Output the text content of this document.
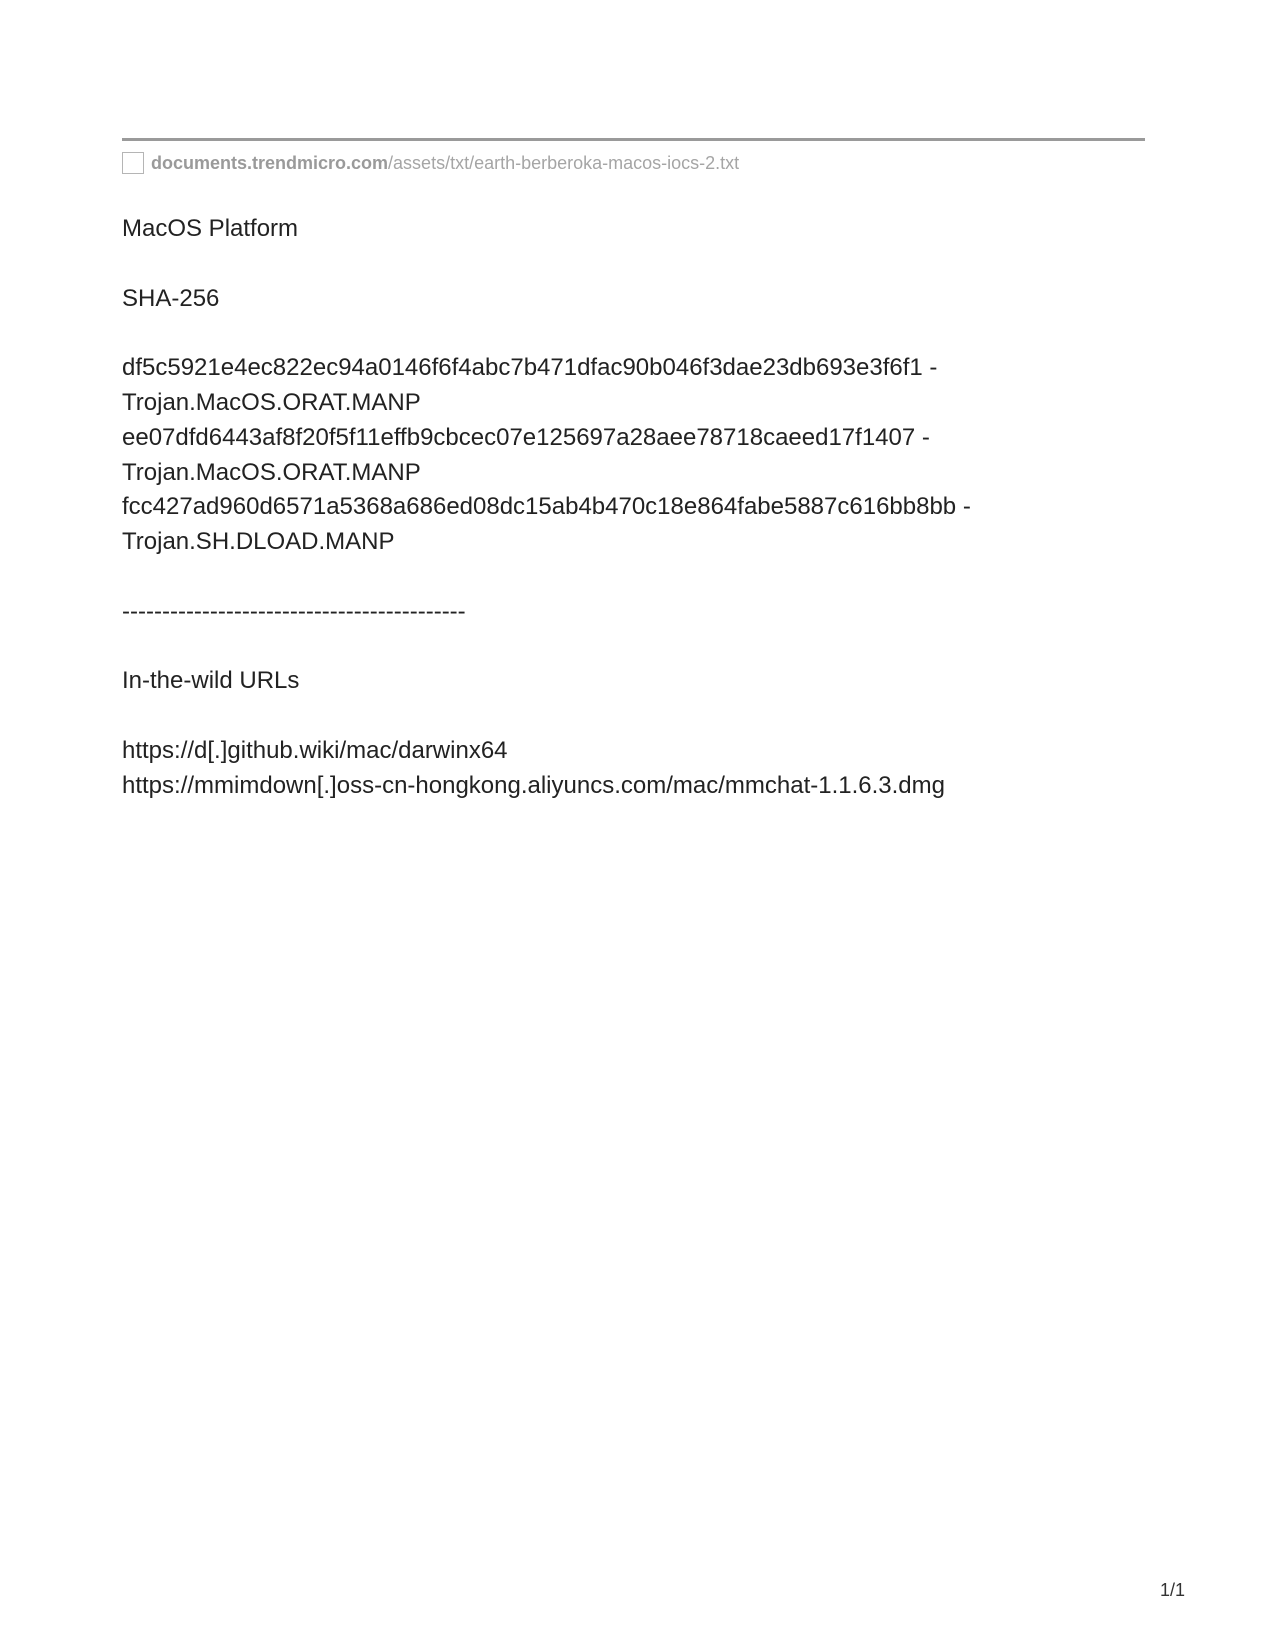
documents.trendmicro.com /assets/txt/earth-berberoka-macos-iocs-2.txt
MacOS Platform
SHA-256
df5c5921e4ec822ec94a0146f6f4abc7b471dfac90b046f3dae23db693e3f6f1 -
Trojan.MacOS.ORAT.MANP
ee07dfd6443af8f20f5f11effb9cbcec07e125697a28aee78718caeed17f1407 -
Trojan.MacOS.ORAT.MANP
fcc427ad960d6571a5368a686ed08dc15ab4b470c18e864fabe5887c616bb8bb -
Trojan.SH.DLOAD.MANP
-------------------------------------------
In-the-wild URLs
https://d[.]github.wiki/mac/darwinx64
https://mmimdown[.]oss-cn-hongkong.aliyuncs.com/mac/mmchat-1.1.6.3.dmg
1/1
